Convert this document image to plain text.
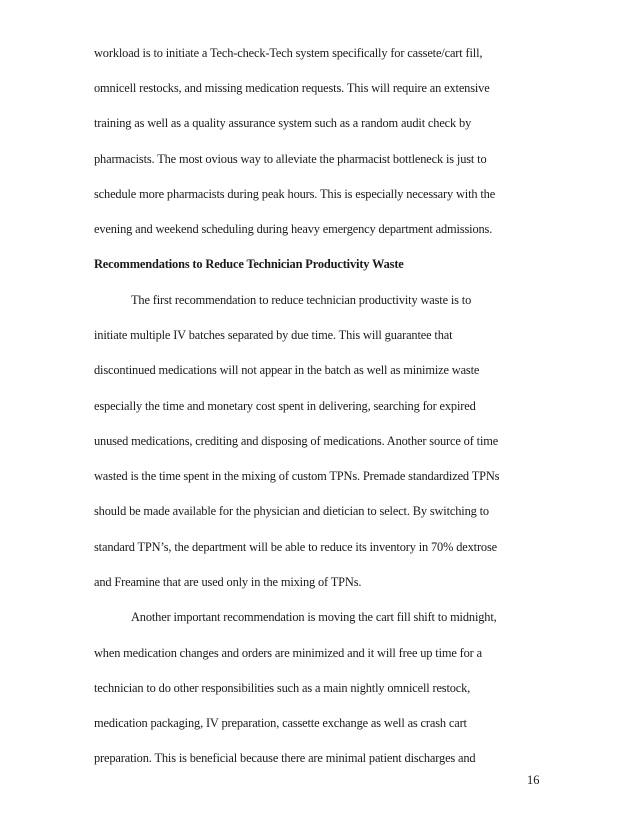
workload is to initiate a Tech-check-Tech system specifically for cassete/cart fill,
omnicell restocks, and missing medication requests. This will require an extensive
training as well as a quality assurance system such as a random audit check by
pharmacists. The most ovious way to alleviate the pharmacist bottleneck is just to
schedule more pharmacists during peak hours. This is especially necessary with the
evening and weekend scheduling during heavy emergency department admissions.
Recommendations to Reduce Technician Productivity Waste
The first recommendation to reduce technician productivity waste is to
initiate multiple IV batches separated by due time. This will guarantee that
discontinued medications will not appear in the batch as well as minimize waste
especially the time and monetary cost spent in delivering, searching for expired
unused medications, crediting and disposing of medications. Another source of time
wasted is the time spent in the mixing of custom TPNs. Premade standardized TPNs
should be made available for the physician and dietician to select. By switching to
standard TPN’s, the department will be able to reduce its inventory in 70% dextrose
and Freamine that are used only in the mixing of TPNs.
Another important recommendation is moving the cart fill shift to midnight,
when medication changes and orders are minimized and it will free up time for a
technician to do other responsibilities such as a main nightly omnicell restock,
medication packaging, IV preparation, cassette exchange as well as crash cart
preparation. This is beneficial because there are minimal patient discharges and
16
